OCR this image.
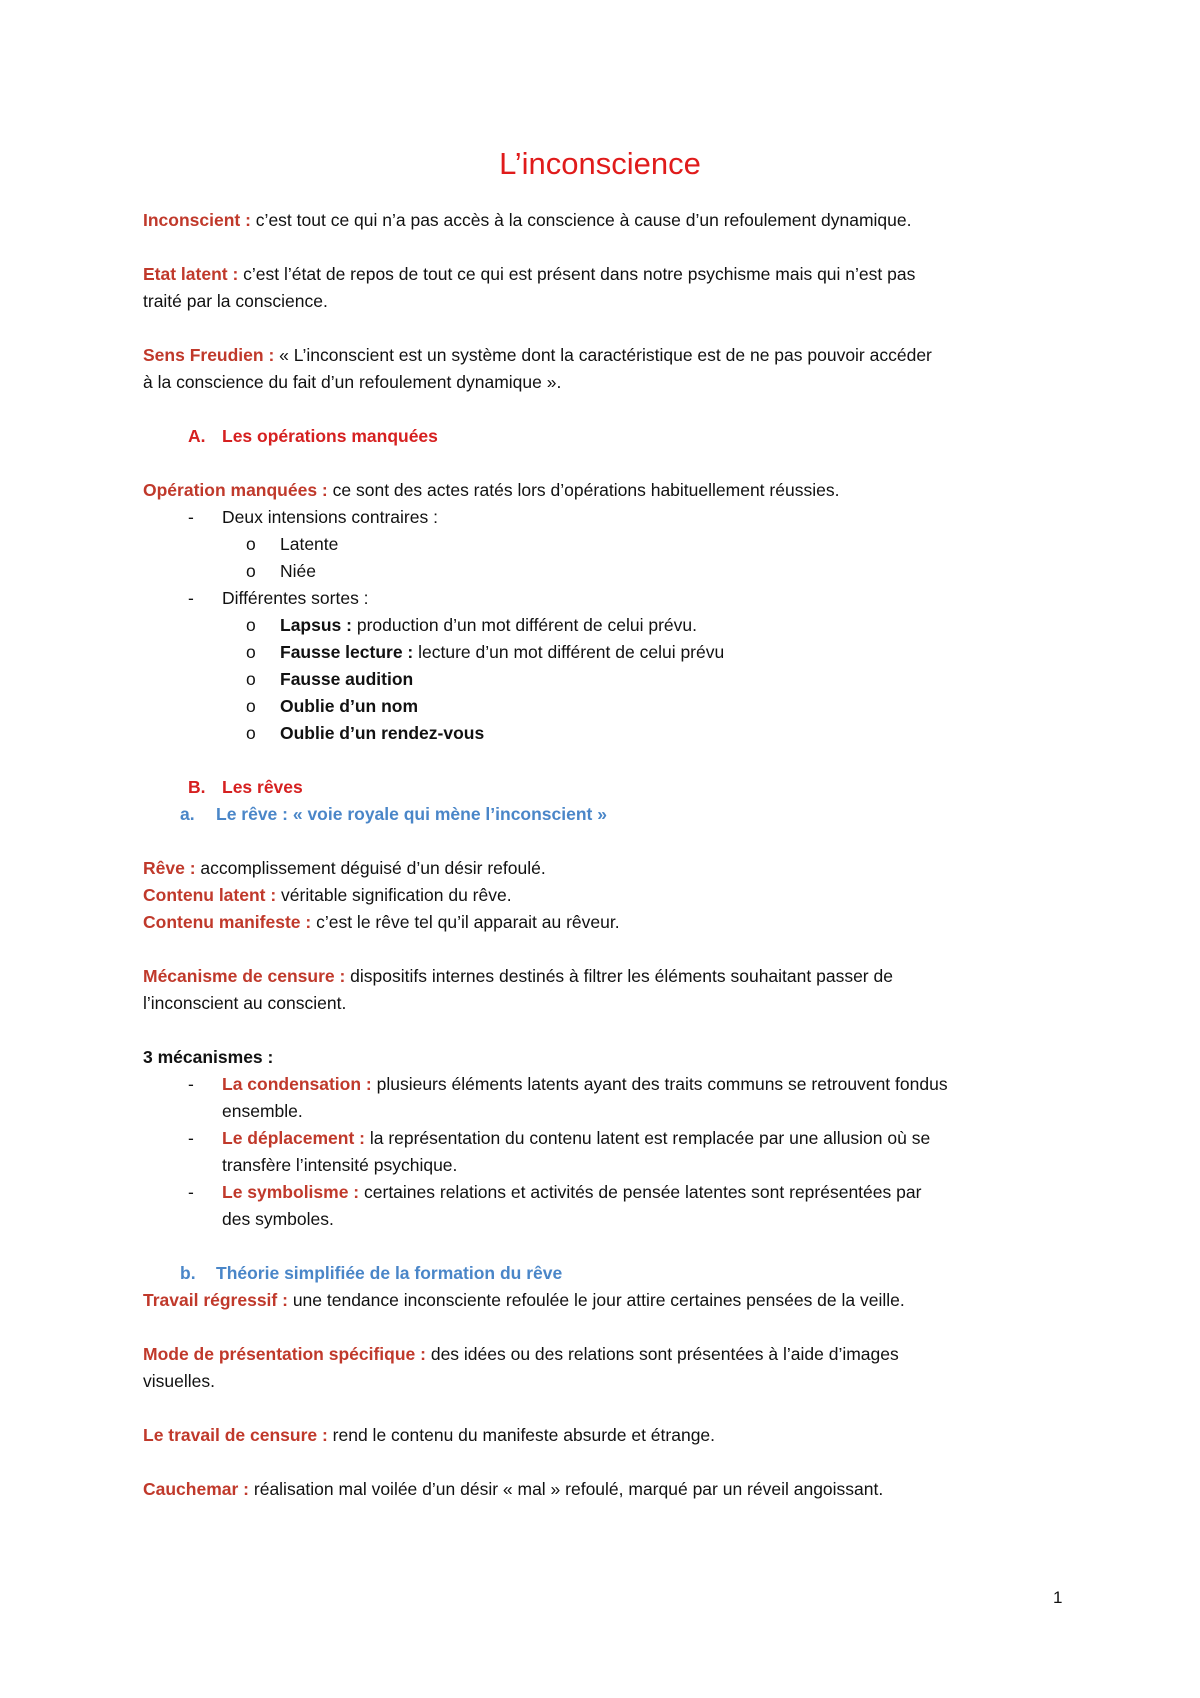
L’inconscience
Inconscient : c’est tout ce qui n’a pas accès à la conscience à cause d’un refoulement dynamique.
Etat latent : c’est l’état de repos de tout ce qui est présent dans notre psychisme mais qui n’est pas
traité par la conscience.
Sens Freudien : « L’inconscient est un système dont la caractéristique est de ne pas pouvoir accéder
à la conscience du fait d’un refoulement dynamique ».
A. Les opérations manquées
Opération manquées : ce sont des actes ratés lors d’opérations habituellement réussies.
- Deux intensions contraires :
o Latente
o Niée
- Différentes sortes :
o Lapsus : production d’un mot différent de celui prévu.
o Fausse lecture : lecture d’un mot différent de celui prévu
o Fausse audition
o Oublie d’un nom
o Oublie d’un rendez-vous
B. Les rêves
a. Le rêve : « voie royale qui mène l’inconscient »
Rêve : accomplissement déguisé d’un désir refoulé.
Contenu latent : véritable signification du rêve.
Contenu manifeste : c’est le rêve tel qu’il apparait au rêveur.
Mécanisme de censure : dispositifs internes destinés à filtrer les éléments souhaitant passer de
l’inconscient au conscient.
3 mécanismes :
- La condensation : plusieurs éléments latents ayant des traits communs se retrouvent fondus
ensemble.
- Le déplacement : la représentation du contenu latent est remplacée par une allusion où se
transfère l’intensité psychique.
- Le symbolisme : certaines relations et activités de pensée latentes sont représentées par
des symboles.
b. Théorie simplifiée de la formation du rêve
Travail régressif : une tendance inconsciente refoulée le jour attire certaines pensées de la veille.
Mode de présentation spécifique : des idées ou des relations sont présentées à l’aide d’images
visuelles.
Le travail de censure : rend le contenu du manifeste absurde et étrange.
Cauchemar : réalisation mal voilée d’un désir « mal » refoulé, marqué par un réveil angoissant.
1
